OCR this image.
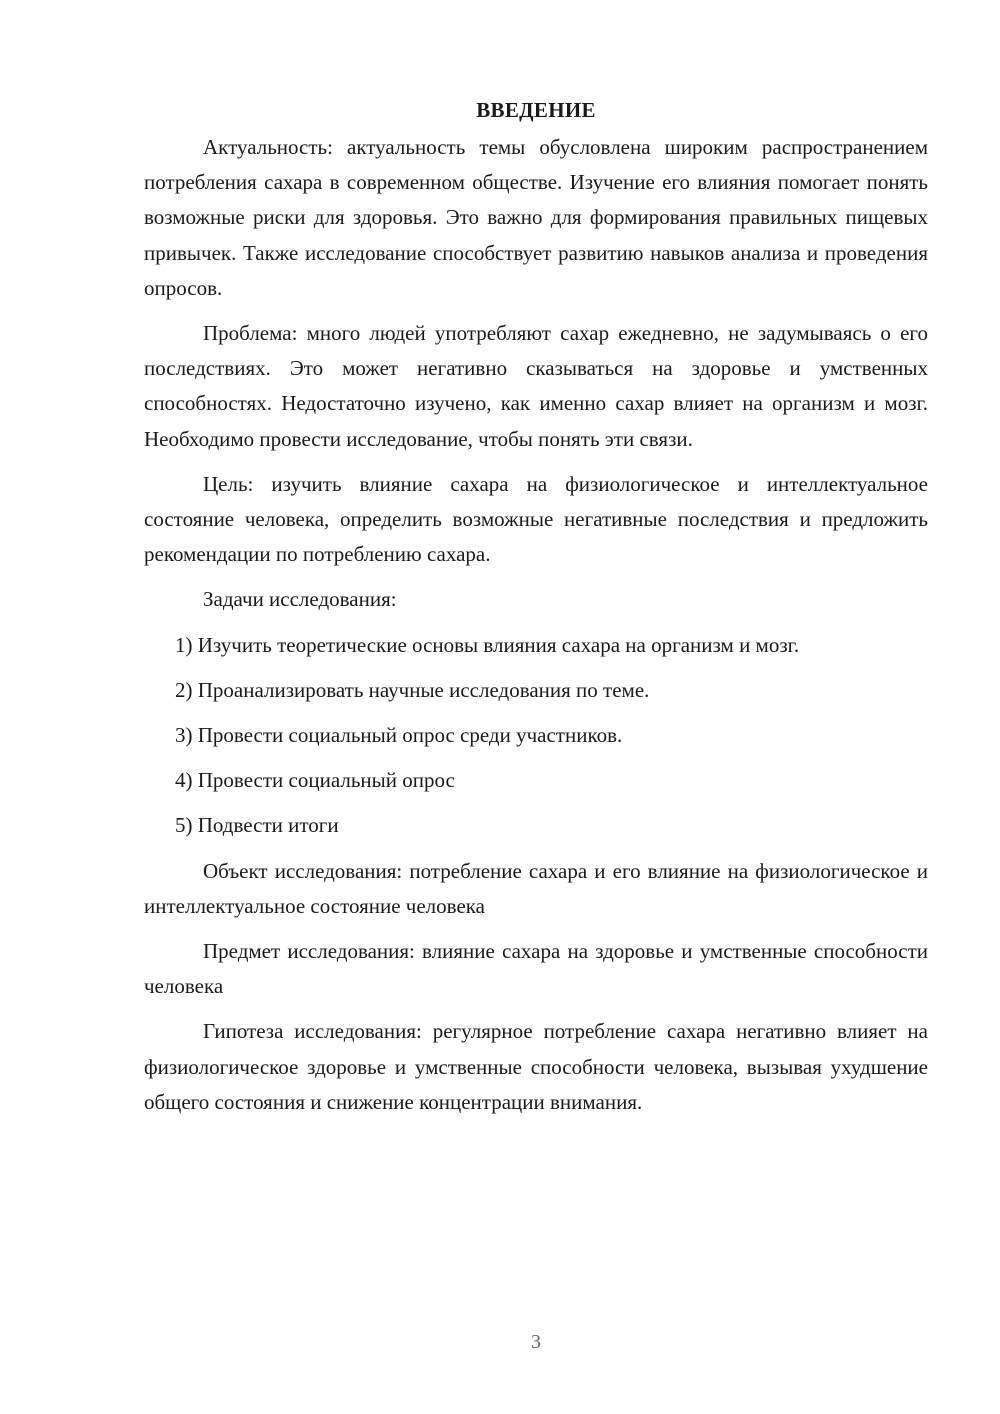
ВВЕДЕНИЕ

Актуальность: актуальность темы обусловлена широким распространением потребления сахара в современном обществе. Изучение его влияния помогает понять возможные риски для здоровья. Это важно для формирования правильных пищевых привычек. Также исследование способствует развитию навыков анализа и проведения опросов.

Проблема: много людей употребляют сахар ежедневно, не задумываясь о его последствиях. Это может негативно сказываться на здоровье и умственных способностях. Недостаточно изучено, как именно сахар влияет на организм и мозг. Необходимо провести исследование, чтобы понять эти связи.

Цель: изучить влияние сахара на физиологическое и интеллектуальное состояние человека, определить возможные негативные последствия и предложить рекомендации по потреблению сахара.

Задачи исследования:

1) Изучить теоретические основы влияния сахара на организм и мозг.

2) Проанализировать научные исследования по теме.

3) Провести социальный опрос среди участников.

4) Провести социальный опрос

5) Подвести итоги

Объект исследования: потребление сахара и его влияние на физиологическое и интеллектуальное состояние человека

Предмет исследования: влияние сахара на здоровье и умственные способности человека

Гипотеза исследования: регулярное потребление сахара негативно влияет на физиологическое здоровье и умственные способности человека, вызывая ухудшение общего состояния и снижение концентрации внимания.

3
